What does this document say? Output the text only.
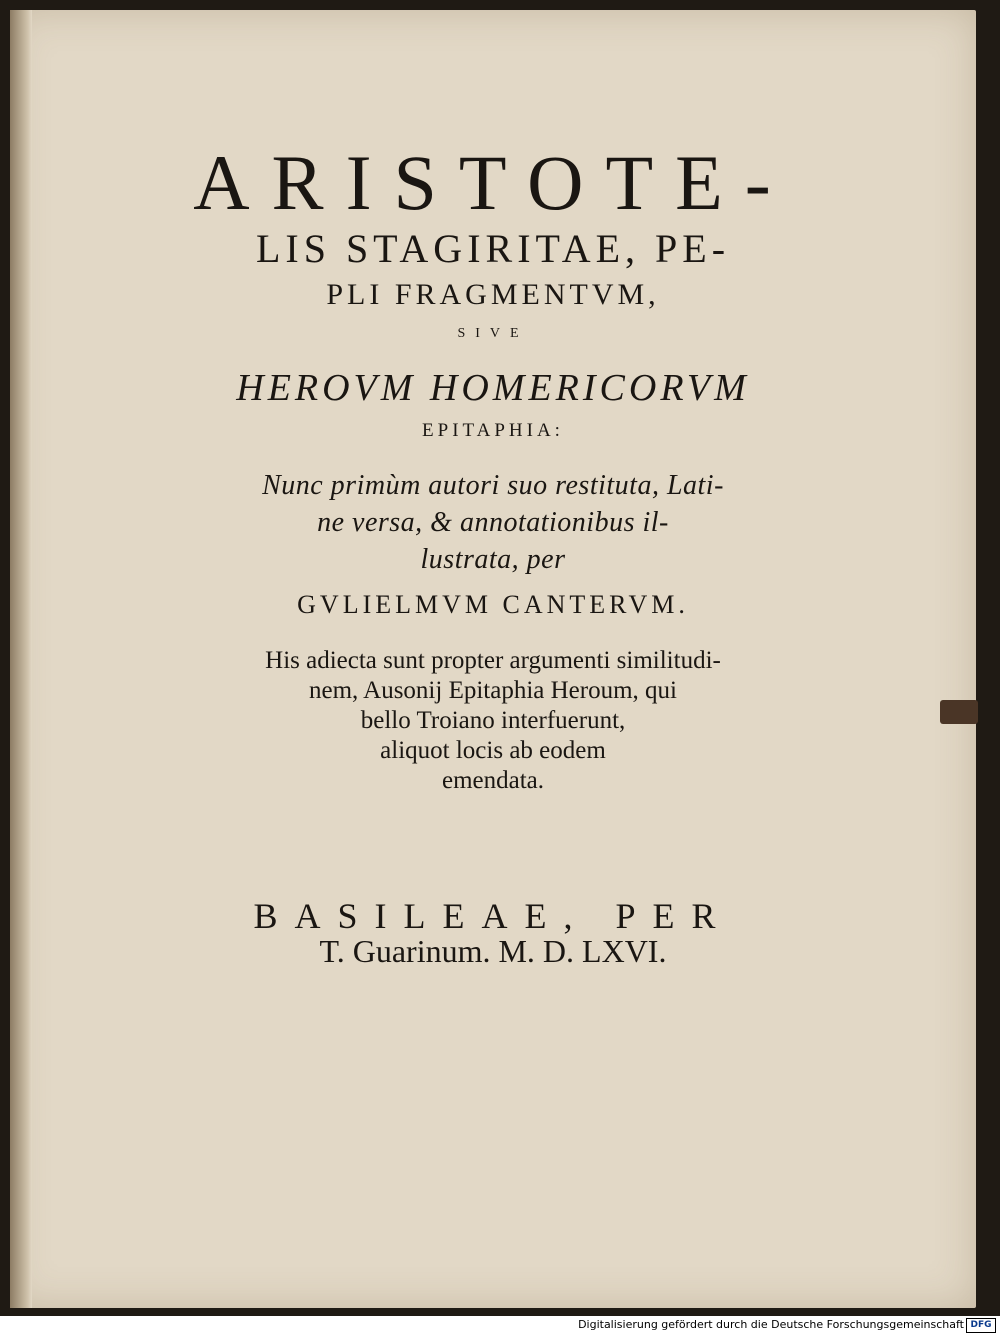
ARISTOTE-
LIS STAGIRITAE, PE-
PLI FRAGMENTVM,
SIVE
HEROVM HOMERICORVM
EPITAPHIA:
Nunc primùm autori suo restituta, Lati-
ne versa, & annotationibus il-
lustrata, per
GVLIELMVM CANTERVM.
His adiecta sunt propter argumenti similitudi-
nem, Ausonij Epitaphia Heroum, qui
bello Troiano interfuerunt,
aliquot locis ab eodem
emendata.
BASILEAE, PER
T. Guarinum. M. D. LXVI.
Digitalisierung gefördert durch die Deutsche Forschungsgemeinschaft DFG
